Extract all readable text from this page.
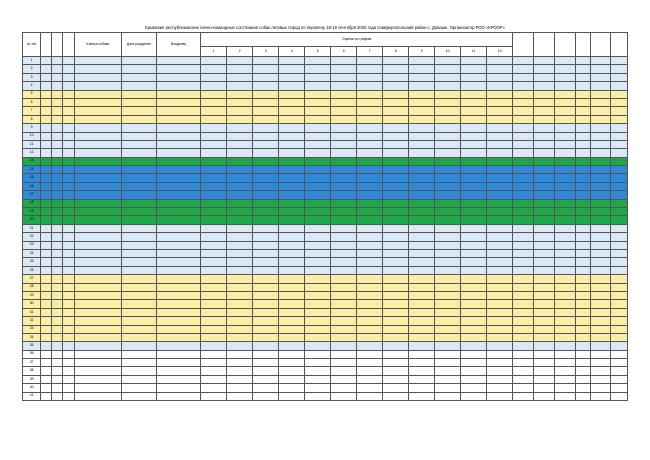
Крымские республиканские лично-командные состязания собак легавых пород по перепелу 18-19 сентября 2025 года Симферопольский район с. Доваше. Организатор РОО «КРООР»
№ п/п				Кличка собаки	Дата рождения	Владелец	Оценки по графам																	
							1	2	3	4	5	6	7	8	9	10	11	12						
1																								
2																								
3																								
4																								
5																								
6																								
7																								
8																								
9																								
10																								
11																								
12																								
13																								
14																								
15																								
16																								
17																								
18																								
19																								
20																								
21																								
22																								
23																								
24																								
25																								
26																								
27																								
28																								
29																								
30																								
31																								
32																								
33																								
34																								
35																								
36																								
37																								
38																								
39																								
40																								
41																								
